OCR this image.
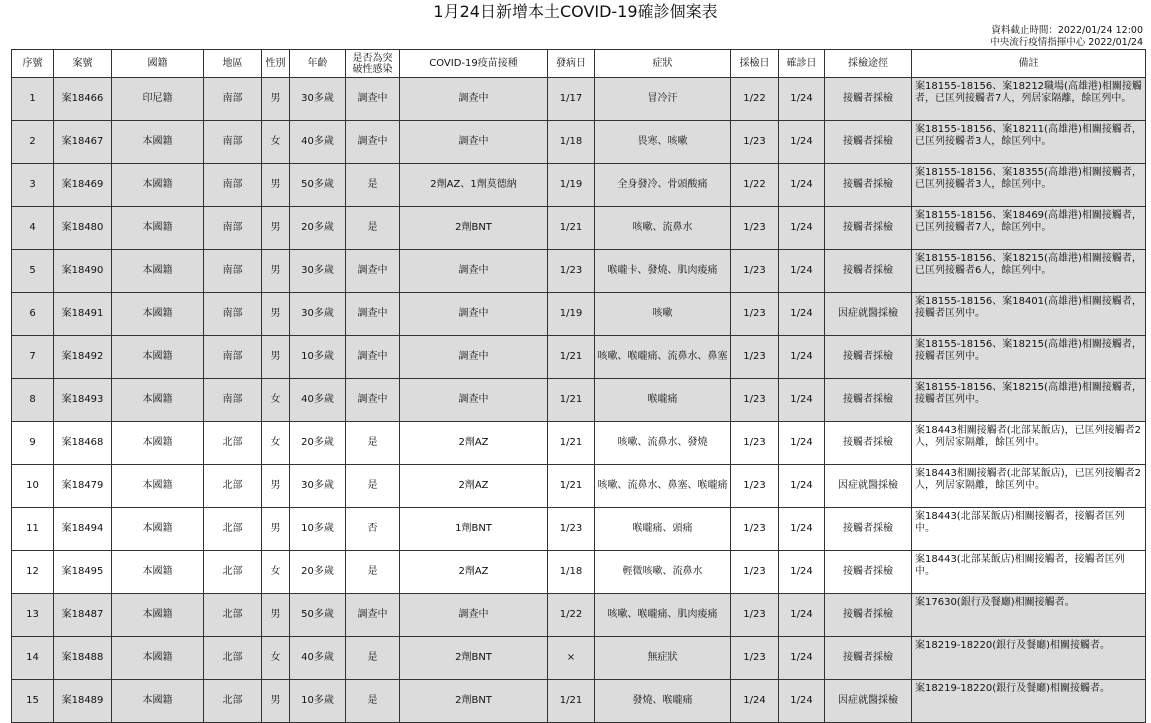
1月24日新增本土COVID-19確診個案表
資料截止時間：2022/01/24 12:00
中央流行疫情指揮中心 2022/01/24
序號	案號	國籍	地區	性別	年齡	是否為突破性感染	COVID-19疫苗接種	發病日	症狀	採檢日	確診日	採檢途徑	備註
1	案18466	印尼籍	南部	男	30多歲	調查中	調查中	1/17	冒冷汗	1/22	1/24	接觸者採檢	案18155-18156、案18212職場(高雄港)相關接觸者，已匡列接觸者7人，列居家隔離，餘匡列中。
2	案18467	本國籍	南部	女	40多歲	調查中	調查中	1/18	畏寒、咳嗽	1/23	1/24	接觸者採檢	案18155-18156、案18211(高雄港)相關接觸者，已匡列接觸者3人，餘匡列中。
3	案18469	本國籍	南部	男	50多歲	是	2劑AZ、1劑莫德納	1/19	全身發冷、骨頭酸痛	1/22	1/24	接觸者採檢	案18155-18156、案18355(高雄港)相關接觸者，已匡列接觸者3人，餘匡列中。
4	案18480	本國籍	南部	男	20多歲	是	2劑BNT	1/21	咳嗽、流鼻水	1/23	1/24	接觸者採檢	案18155-18156、案18469(高雄港)相關接觸者，已匡列接觸者7人，餘匡列中。
5	案18490	本國籍	南部	男	30多歲	調查中	調查中	1/23	喉嚨卡、發燒、肌肉痠痛	1/23	1/24	接觸者採檢	案18155-18156、案18215(高雄港)相關接觸者，已匡列接觸者6人，餘匡列中。
6	案18491	本國籍	南部	男	30多歲	調查中	調查中	1/19	咳嗽	1/23	1/24	因症就醫採檢	案18155-18156、案18401(高雄港)相關接觸者，接觸者匡列中。
7	案18492	本國籍	南部	男	10多歲	調查中	調查中	1/21	咳嗽、喉嚨痛、流鼻水、鼻塞	1/23	1/24	接觸者採檢	案18155-18156、案18215(高雄港)相關接觸者，接觸者匡列中。
8	案18493	本國籍	南部	女	40多歲	調查中	調查中	1/21	喉嚨痛	1/23	1/24	接觸者採檢	案18155-18156、案18215(高雄港)相關接觸者，接觸者匡列中。
9	案18468	本國籍	北部	女	20多歲	是	2劑AZ	1/21	咳嗽、流鼻水、發燒	1/23	1/24	接觸者採檢	案18443相關接觸者(北部某飯店)，已匡列接觸者2人，列居家隔離，餘匡列中。
10	案18479	本國籍	北部	男	30多歲	是	2劑AZ	1/21	咳嗽、流鼻水、鼻塞、喉嚨痛	1/23	1/24	因症就醫採檢	案18443相關接觸者(北部某飯店)，已匡列接觸者2人，列居家隔離，餘匡列中。
11	案18494	本國籍	北部	男	10多歲	否	1劑BNT	1/23	喉嚨痛、頭痛	1/23	1/24	接觸者採檢	案18443(北部某飯店)相關接觸者，接觸者匡列中。
12	案18495	本國籍	北部	女	20多歲	是	2劑AZ	1/18	輕微咳嗽、流鼻水	1/23	1/24	接觸者採檢	案18443(北部某飯店)相關接觸者，接觸者匡列中。
13	案18487	本國籍	北部	男	50多歲	調查中	調查中	1/22	咳嗽、喉嚨痛、肌肉痠痛	1/23	1/24	接觸者採檢	案17630(銀行及餐廳)相關接觸者。
14	案18488	本國籍	北部	女	40多歲	是	2劑BNT	×	無症狀	1/23	1/24	接觸者採檢	案18219-18220(銀行及餐廳)相關接觸者。
15	案18489	本國籍	北部	男	10多歲	是	2劑BNT	1/21	發燒、喉嚨痛	1/24	1/24	因症就醫採檢	案18219-18220(銀行及餐廳)相關接觸者。
